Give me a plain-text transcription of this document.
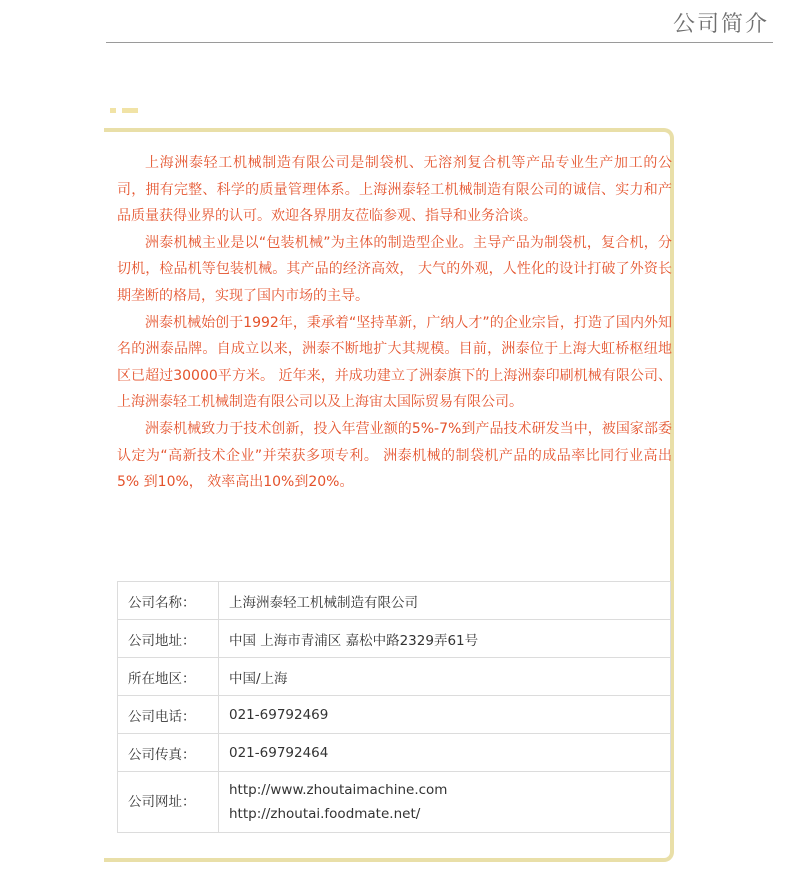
公司简介

上海洲泰轻工机械制造有限公司是制袋机、无溶剂复合机等产品专业生产加工的公司，拥有完整、科学的质量管理体系。上海洲泰轻工机械制造有限公司的诚信、实力和产品质量获得业界的认可。欢迎各界朋友莅临参观、指导和业务洽谈。

洲泰机械主业是以“包装机械”为主体的制造型企业。主导产品为制袋机，复合机，分切机，检品机等包装机械。其产品的经济高效， 大气的外观，人性化的设计打破了外资长期垄断的格局，实现了国内市场的主导。

洲泰机械始创于1992年，秉承着“坚持革新，广纳人才”的企业宗旨，打造了国内外知名的洲泰品牌。自成立以来，洲泰不断地扩大其规模。目前，洲泰位于上海大虹桥枢纽地区已超过30000平方米。 近年来，并成功建立了洲泰旗下的上海洲泰印刷机械有限公司、上海洲泰轻工机械制造有限公司以及上海宙太国际贸易有限公司。

洲泰机械致力于技术创新，投入年营业额的5%-7%到产品技术研发当中，被国家部委认定为“高新技术企业”并荣获多项专利。 洲泰机械的制袋机产品的成品率比同行业高出5% 到10%， 效率高出10%到20%。

公司名称：	上海洲泰轻工机械制造有限公司
公司地址：	中国 上海市青浦区 嘉松中路2329弄61号
所在地区：	中国/上海
公司电话：	021-69792469
公司传真：	021-69792464
公司网址：	http://www.zhoutaimachine.com
http://zhoutai.foodmate.net/
